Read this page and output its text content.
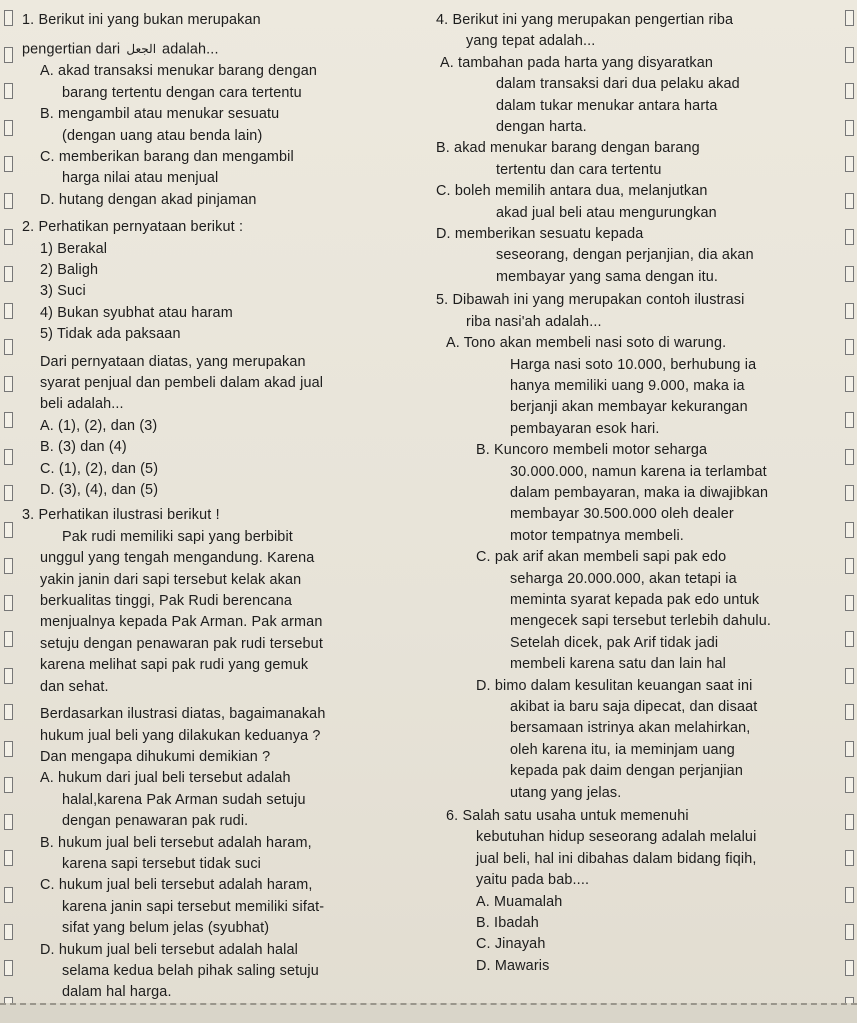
1. Berikut ini yang bukan merupakan
pengertian dari الجعل adalah...
A. akad transaksi menukar barang dengan
barang tertentu dengan cara tertentu
B. mengambil atau menukar sesuatu
(dengan uang atau benda lain)
C. memberikan barang dan mengambil
harga nilai atau menjual
D. hutang dengan akad pinjaman
2. Perhatikan pernyataan berikut :
1) Berakal
2) Baligh
3) Suci
4) Bukan syubhat atau haram
5) Tidak ada paksaan
Dari pernyataan diatas, yang merupakan
syarat penjual dan pembeli dalam akad jual
beli adalah...
A. (1), (2), dan (3)
B. (3) dan (4)
C. (1), (2), dan (5)
D. (3), (4), dan (5)
3. Perhatikan ilustrasi berikut !
Pak rudi memiliki sapi yang berbibit
unggul yang tengah mengandung. Karena
yakin janin dari sapi tersebut kelak akan
berkualitas tinggi, Pak Rudi berencana
menjualnya kepada Pak Arman. Pak arman
setuju dengan penawaran pak rudi tersebut
karena melihat sapi pak rudi yang gemuk
dan sehat.
Berdasarkan ilustrasi diatas, bagaimanakah
hukum jual beli yang dilakukan keduanya ?
Dan mengapa dihukumi demikian ?
A. hukum dari jual beli tersebut adalah
halal,karena Pak Arman sudah setuju
dengan penawaran pak rudi.
B. hukum jual beli tersebut adalah haram,
karena sapi tersebut tidak suci
C. hukum jual beli tersebut adalah haram,
karena janin sapi tersebut memiliki sifat-
sifat yang belum jelas (syubhat)
D. hukum jual beli tersebut adalah halal
selama kedua belah pihak saling setuju
dalam hal harga.
4. Berikut ini yang merupakan pengertian riba
yang tepat adalah...
A. tambahan pada harta yang disyaratkan
dalam transaksi dari dua pelaku akad
dalam tukar menukar antara harta
dengan harta.
B. akad menukar barang dengan barang
tertentu dan cara tertentu
C. boleh memilih antara dua, melanjutkan
akad jual beli atau mengurungkan
D. memberikan sesuatu kepada
seseorang, dengan perjanjian, dia akan
membayar yang sama dengan itu.
5. Dibawah ini yang merupakan contoh ilustrasi
riba nasi'ah adalah...
A. Tono akan membeli nasi soto di warung.
Harga nasi soto 10.000, berhubung ia
hanya memiliki uang 9.000, maka ia
berjanji akan membayar kekurangan
pembayaran esok hari.
B. Kuncoro membeli motor seharga
30.000.000, namun karena ia terlambat
dalam pembayaran, maka ia diwajibkan
membayar 30.500.000 oleh dealer
motor tempatnya membeli.
C. pak arif akan membeli sapi pak edo
seharga 20.000.000, akan tetapi ia
meminta syarat kepada pak edo untuk
mengecek sapi tersebut terlebih dahulu.
Setelah dicek, pak Arif tidak jadi
membeli karena satu dan lain hal
D. bimo dalam kesulitan keuangan saat ini
akibat ia baru saja dipecat, dan disaat
bersamaan istrinya akan melahirkan,
oleh karena itu, ia meminjam uang
kepada pak daim dengan perjanjian
utang yang jelas.
6. Salah satu usaha untuk memenuhi
kebutuhan hidup seseorang adalah melalui
jual beli, hal ini dibahas dalam bidang fiqih,
yaitu pada bab....
A. Muamalah
B. Ibadah
C. Jinayah
D. Mawaris
